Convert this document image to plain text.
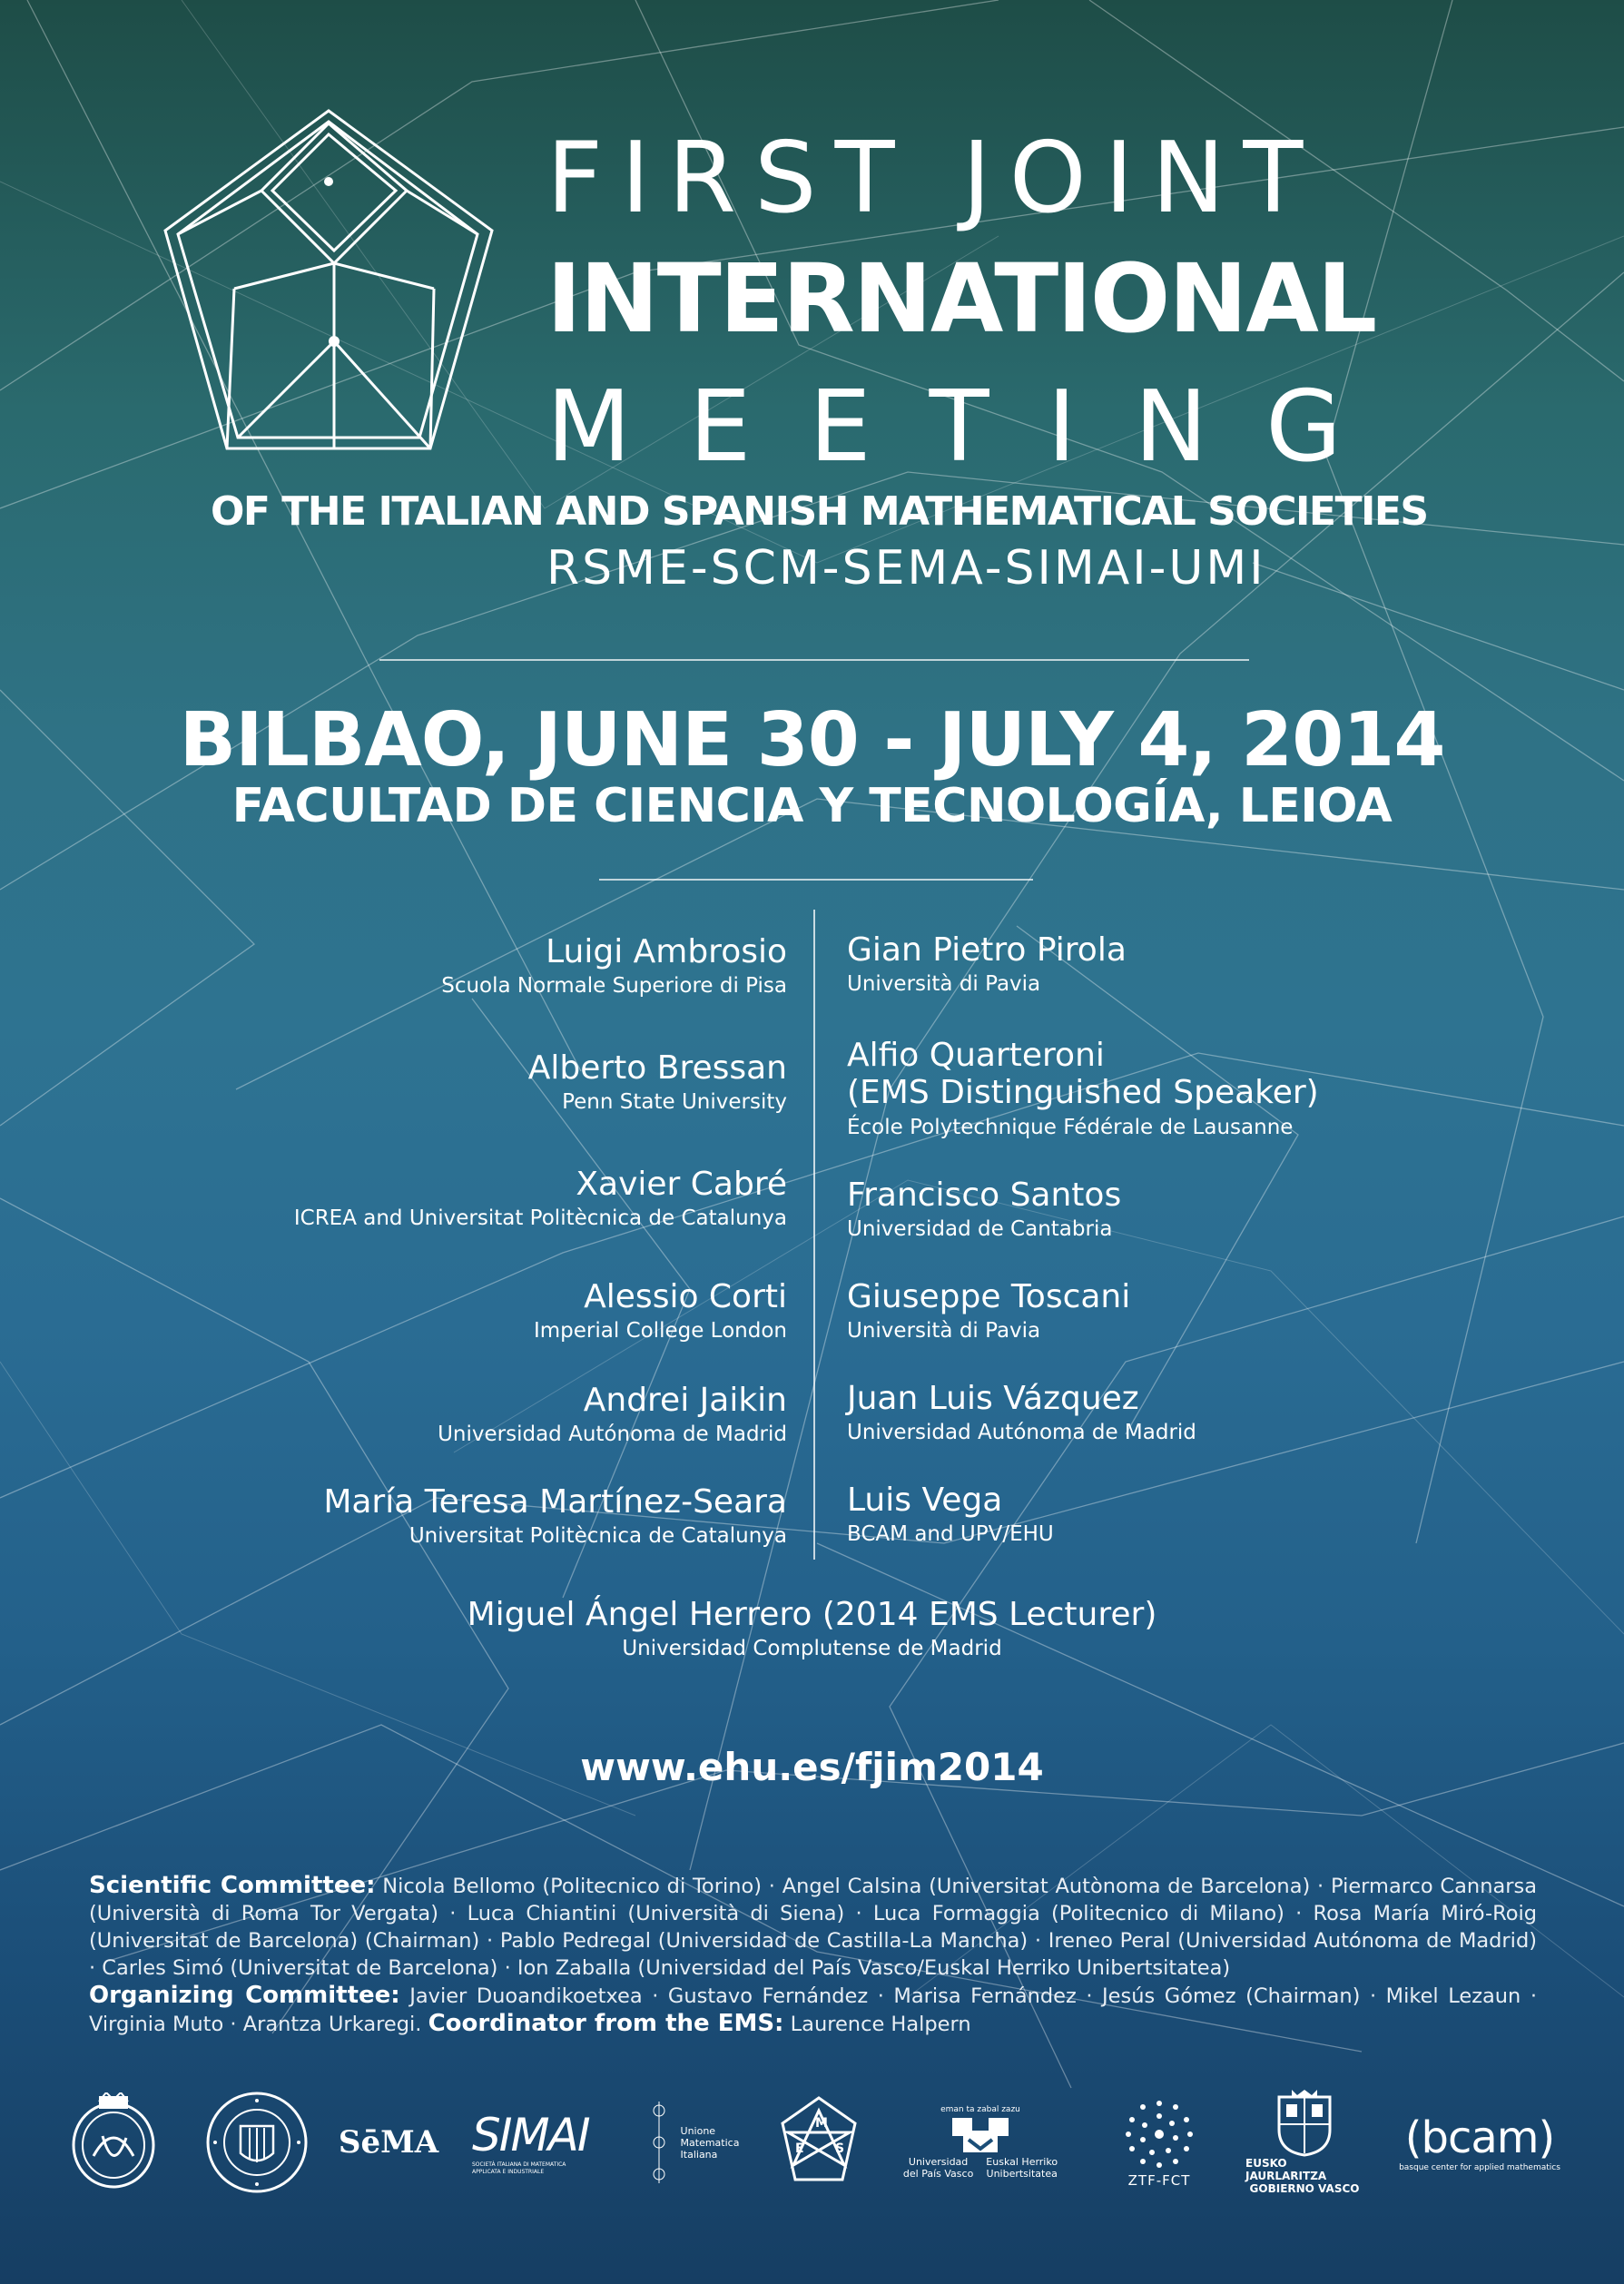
FIRST JOINT
INTERNATIONAL
MEETING
OF THE ITALIAN AND SPANISH MATHEMATICAL SOCIETIES
RSME-SCM-SEMA-SIMAI-UMI
BILBAO, JUNE 30 - JULY 4, 2014
FACULTAD DE CIENCIA Y TECNOLOGÍA, LEIOA
Luigi Ambrosio
Scuola Normale Superiore di Pisa
Alberto Bressan
Penn State University
Xavier Cabré
ICREA and Universitat Politècnica de Catalunya
Alessio Corti
Imperial College London
Andrei Jaikin
Universidad Autónoma de Madrid
María Teresa Martínez-Seara
Universitat Politècnica de Catalunya
Gian Pietro Pirola
Università di Pavia
Alfio Quarteroni
(EMS Distinguished Speaker)
École Polytechnique Fédérale de Lausanne
Francisco Santos
Universidad de Cantabria
Giuseppe Toscani
Università di Pavia
Juan Luis Vázquez
Universidad Autónoma de Madrid
Luis Vega
BCAM and UPV/EHU
Miguel Ángel Herrero (2014 EMS Lecturer)
Universidad Complutense de Madrid
www.ehu.es/fjim2014
Scientific Committee: Nicola Bellomo (Politecnico di Torino) · Angel Calsina (Universitat Autònoma de Barcelona) · Piermarco Cannarsa (Università di Roma Tor Vergata) · Luca Chiantini (Università di Siena) · Luca Formaggia (Politecnico di Milano) · Rosa María Miró-Roig (Universitat de Barcelona) (Chairman) · Pablo Pedregal (Universidad de Castilla-La Mancha) · Ireneo Peral (Universidad Autónoma de Madrid) · Carles Simó (Universitat de Barcelona) · Ion Zaballa (Universidad del País Vasco/Euskal Herriko Unibertsitatea)
Organizing Committee: Javier Duoandikoetxea · Gustavo Fernández · Marisa Fernández · Jesús Gómez (Chairman) · Mikel Lezaun · Virginia Muto · Arantza Urkaregi. Coordinator from the EMS: Laurence Halpern
SēMA SIMAI
SOCIETÀ ITALIANA DI MATEMATICA APPLICATA E INDUSTRIALE
Unione
Matematica
Italiana
M
E S
eman ta zabal zazu
Universidad
del País Vasco
Euskal Herriko
Unibertsitatea	ZTF-FCT
EUSKO JAURLARITZA
GOBIERNO VASCO
(bcam)
basque center for applied mathematics
